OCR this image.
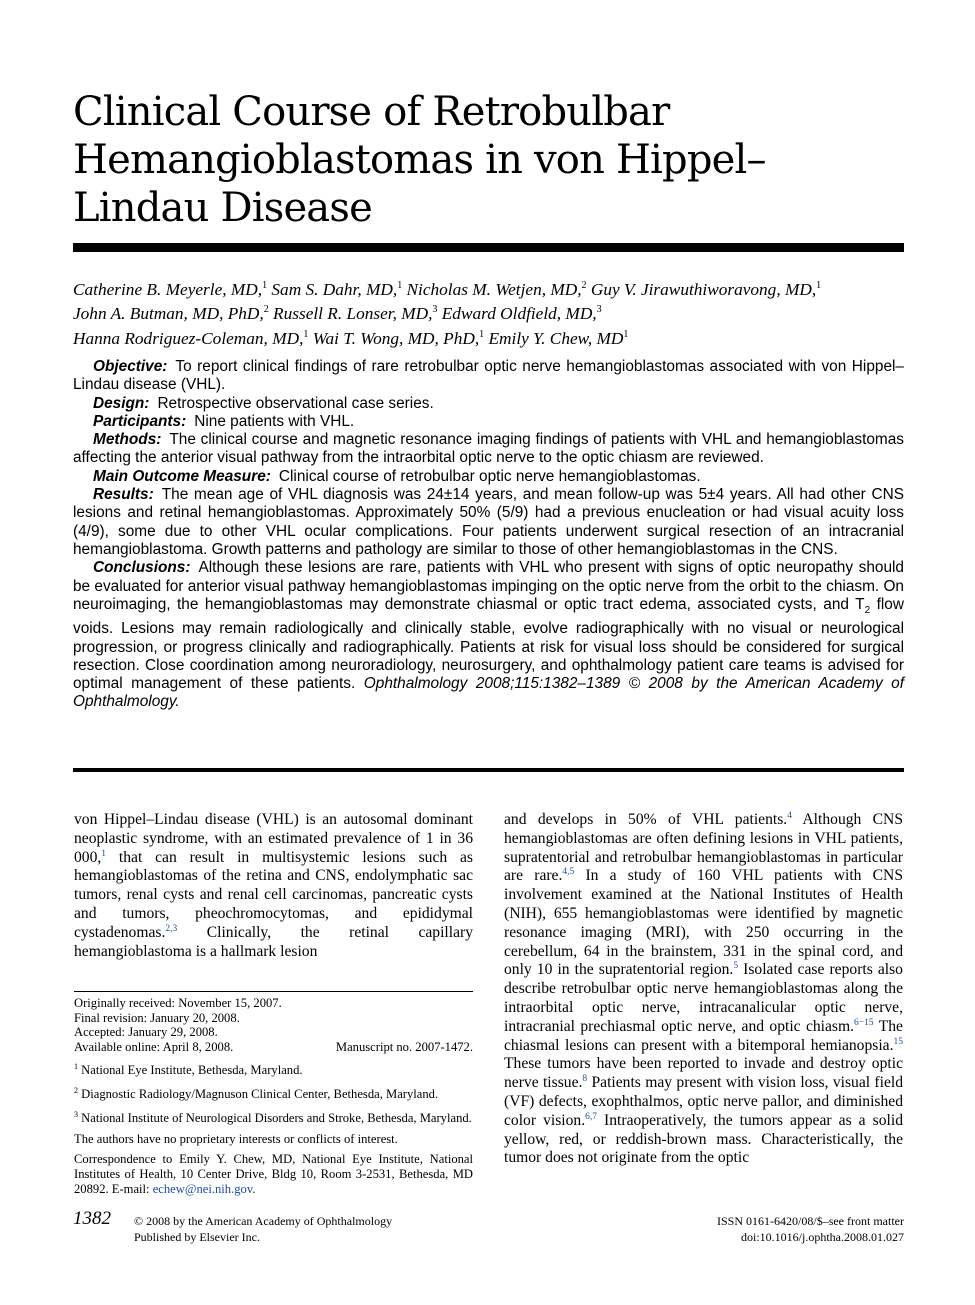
Clinical Course of Retrobulbar Hemangioblastomas in von Hippel–Lindau Disease
Catherine B. Meyerle, MD,$^1$ Sam S. Dahr, MD,$^1$ Nicholas M. Wetjen, MD,$^2$ Guy V. Jirawuthiworavong, MD,$^1$
John A. Butman, MD, PhD,$^2$ Russell R. Lonser, MD,$^3$ Edward Oldfield, MD,$^3$
Hanna Rodriguez-Coleman, MD,$^1$ Wai T. Wong, MD, PhD,$^1$ Emily Y. Chew, $MD^1$

Objective: To report clinical findings of rare retrobulbar optic nerve hemangioblastomas associated with von Hippel–Lindau disease (VHL).

Design: Retrospective observational case series.

Participants: Nine patients with VHL.

Methods: The clinical course and magnetic resonance imaging findings of patients with VHL and hemangioblastomas affecting the anterior visual pathway from the intraorbital optic nerve to the optic chiasm are reviewed.

Main Outcome Measure: Clinical course of retrobulbar optic nerve hemangioblastomas.

Results: The mean age of VHL diagnosis was 24±14 years, and mean follow-up was 5±4 years. All had other CNS lesions and retinal hemangioblastomas. Approximately 50% (5/9) had a previous enucleation or had visual acuity loss (4/9), some due to other VHL ocular complications. Four patients underwent surgical resection of an intracranial hemangioblastoma. Growth patterns and pathology are similar to those of other hemangioblastomas in the CNS.

Conclusions: Although these lesions are rare, patients with VHL who present with signs of optic neuropathy should be evaluated for anterior visual pathway hemangioblastomas impinging on the optic nerve from the orbit to the chiasm. On neuroimaging, the hemangioblastomas may demonstrate chiasmal or optic tract edema, associated cysts, and $T_2$ flow voids. Lesions may remain radiologically and clinically stable, evolve radiographically with no visual or neurological progression, or progress clinically and radiographically. Patients at risk for visual loss should be considered for surgical resection. Close coordination among neuroradiology, neurosurgery, and ophthalmology patient care teams is advised for optimal management of these patients. Ophthalmology 2008;115:1382–1389 © 2008 by the American Academy of Ophthalmology.

von Hippel–Lindau disease (VHL) is an autosomal dominant neoplastic syndrome, with an estimated prevalence of 1 in 36 000,$^1$ that can result in multisystemic lesions such as hemangioblastomas of the retina and CNS, endolymphatic sac tumors, renal cysts and renal cell carcinomas, pancreatic cysts and tumors, pheochromocytomas, and epididymal cystadenomas.$^{2,3}$ Clinically, the retinal capillary hemangioblastoma is a hallmark lesion

Originally received: November 15, 2007.

Final revision: January 20, 2008.

Accepted: January 29, 2008.

Available online: April 8, 2008.	Manuscript no. 2007-1472.

$^1$ National Eye Institute, Bethesda, Maryland.

$^2$ Diagnostic Radiology/Magnuson Clinical Center, Bethesda, Maryland.

$^3$ National Institute of Neurological Disorders and Stroke, Bethesda, Maryland.

The authors have no proprietary interests or conflicts of interest.

Correspondence to Emily Y. Chew, MD, National Eye Institute, National Institutes of Health, 10 Center Drive, Bldg 10, Room 3-2531, Bethesda, MD 20892. E-mail: echew@nei.nih.gov.

and develops in 50% of VHL patients.$^4$ Although CNS hemangioblastomas are often defining lesions in VHL patients, supratentorial and retrobulbar hemangioblastomas in particular are rare.$^{4,5}$ In a study of 160 VHL patients with CNS involvement examined at the National Institutes of Health (NIH), 655 hemangioblastomas were identified by magnetic resonance imaging (MRI), with 250 occurring in the cerebellum, 64 in the brainstem, 331 in the spinal cord, and only 10 in the supratentorial region.$^5$ Isolated case reports also describe retrobulbar optic nerve hemangioblastomas along the intraorbital optic nerve, intracanalicular optic nerve, intracranial prechiasmal optic nerve, and optic chiasm.$^{6-15}$ The chiasmal lesions can present with a bitemporal hemianopsia.$^{15}$ These tumors have been reported to invade and destroy optic nerve tissue.$^8$ Patients may present with vision loss, visual field (VF) defects, exophthalmos, optic nerve pallor, and diminished color vision.$^{6,7}$ Intraoperatively, the tumors appear as a solid yellow, red, or reddish-brown mass. Characteristically, the tumor does not originate from the optic

1382 © 2008 by the American Academy of Ophthalmology

Published by Elsevier Inc.

ISSN 0161-6420/08/$–see front matter

doi:10.1016/j.ophtha.2008.01.027
